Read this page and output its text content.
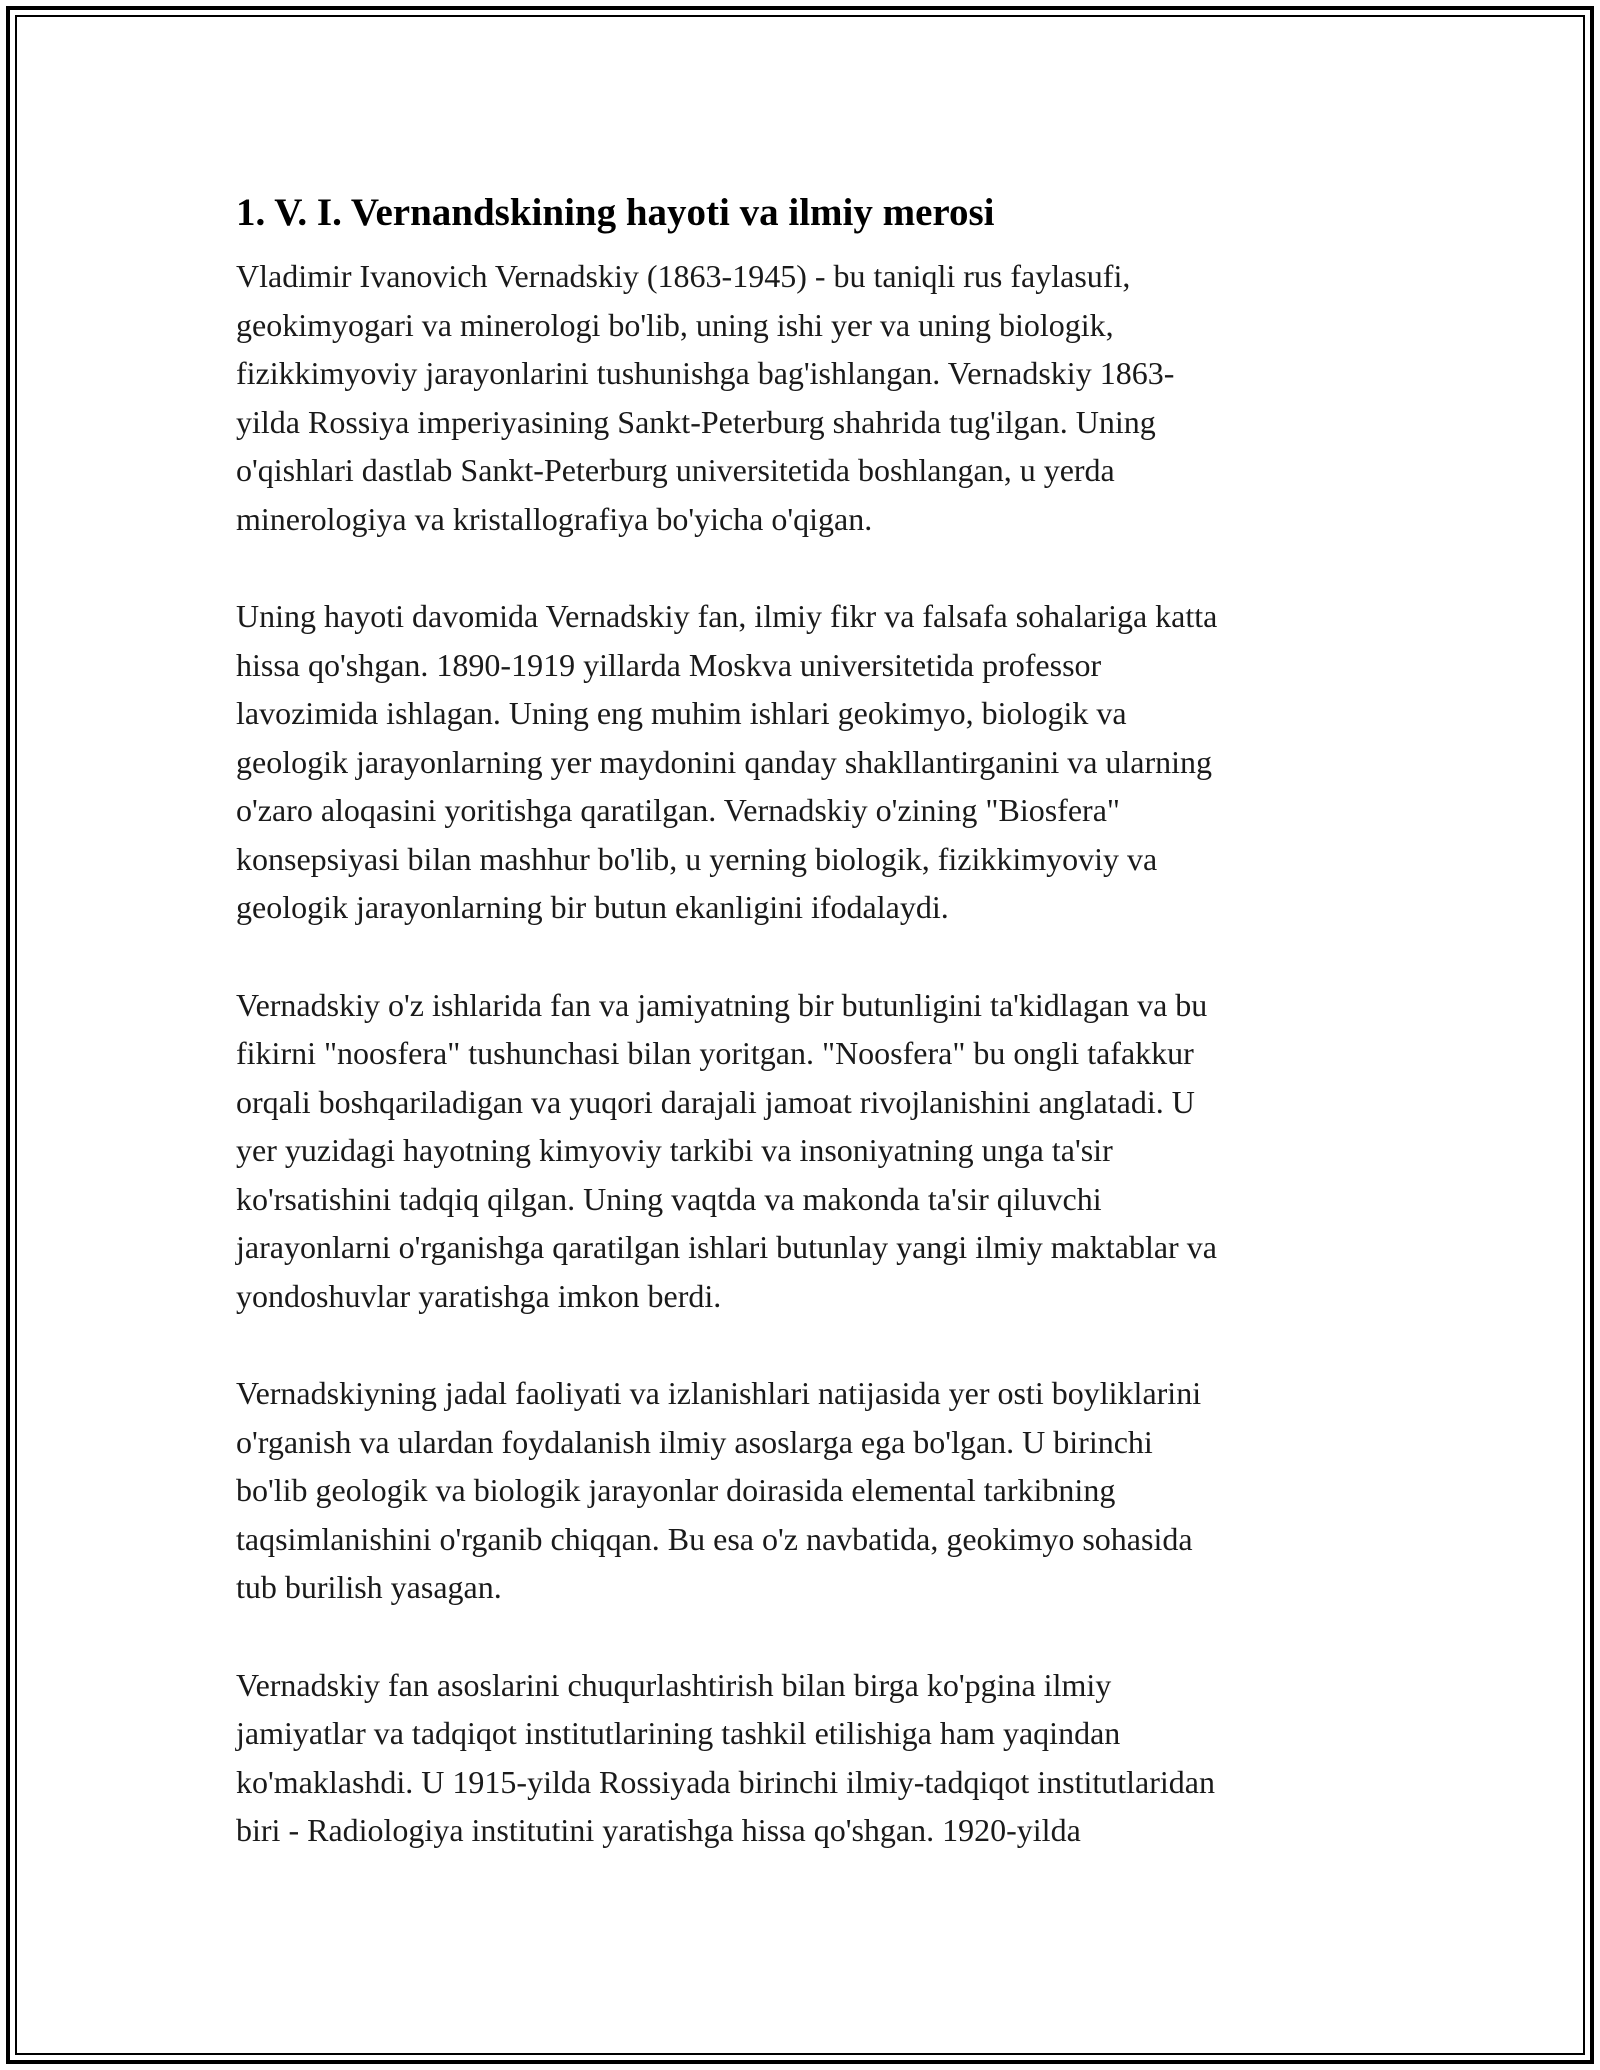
1. V. I. Vernandskining hayoti va ilmiy merosi

Vladimir Ivanovich Vernadskiy (1863-1945) - bu taniqli rus faylasufi,
geokimyogari va minerologi bo'lib, uning ishi yer va uning biologik,
fizikkimyoviy jarayonlarini tushunishga bag'ishlangan. Vernadskiy 1863-
yilda Rossiya imperiyasining Sankt-Peterburg shahrida tug'ilgan. Uning
o'qishlari dastlab Sankt-Peterburg universitetida boshlangan, u yerda
minerologiya va kristallografiya bo'yicha o'qigan.

Uning hayoti davomida Vernadskiy fan, ilmiy fikr va falsafa sohalariga katta
hissa qo'shgan. 1890-1919 yillarda Moskva universitetida professor
lavozimida ishlagan. Uning eng muhim ishlari geokimyo, biologik va
geologik jarayonlarning yer maydonini qanday shakllantirganini va ularning
o'zaro aloqasini yoritishga qaratilgan. Vernadskiy o'zining "Biosfera"
konsepsiyasi bilan mashhur bo'lib, u yerning biologik, fizikkimyoviy va
geologik jarayonlarning bir butun ekanligini ifodalaydi.

Vernadskiy o'z ishlarida fan va jamiyatning bir butunligini ta'kidlagan va bu
fikirni "noosfera" tushunchasi bilan yoritgan. "Noosfera" bu ongli tafakkur
orqali boshqariladigan va yuqori darajali jamoat rivojlanishini anglatadi. U
yer yuzidagi hayotning kimyoviy tarkibi va insoniyatning unga ta'sir
ko'rsatishini tadqiq qilgan. Uning vaqtda va makonda ta'sir qiluvchi
jarayonlarni o'rganishga qaratilgan ishlari butunlay yangi ilmiy maktablar va
yondoshuvlar yaratishga imkon berdi.

Vernadskiyning jadal faoliyati va izlanishlari natijasida yer osti boyliklarini
o'rganish va ulardan foydalanish ilmiy asoslarga ega bo'lgan. U birinchi
bo'lib geologik va biologik jarayonlar doirasida elemental tarkibning
taqsimlanishini o'rganib chiqqan. Bu esa o'z navbatida, geokimyo sohasida
tub burilish yasagan.

Vernadskiy fan asoslarini chuqurlashtirish bilan birga ko'pgina ilmiy
jamiyatlar va tadqiqot institutlarining tashkil etilishiga ham yaqindan
ko'maklashdi. U 1915-yilda Rossiyada birinchi ilmiy-tadqiqot institutlaridan
biri - Radiologiya institutini yaratishga hissa qo'shgan. 1920-yilda
